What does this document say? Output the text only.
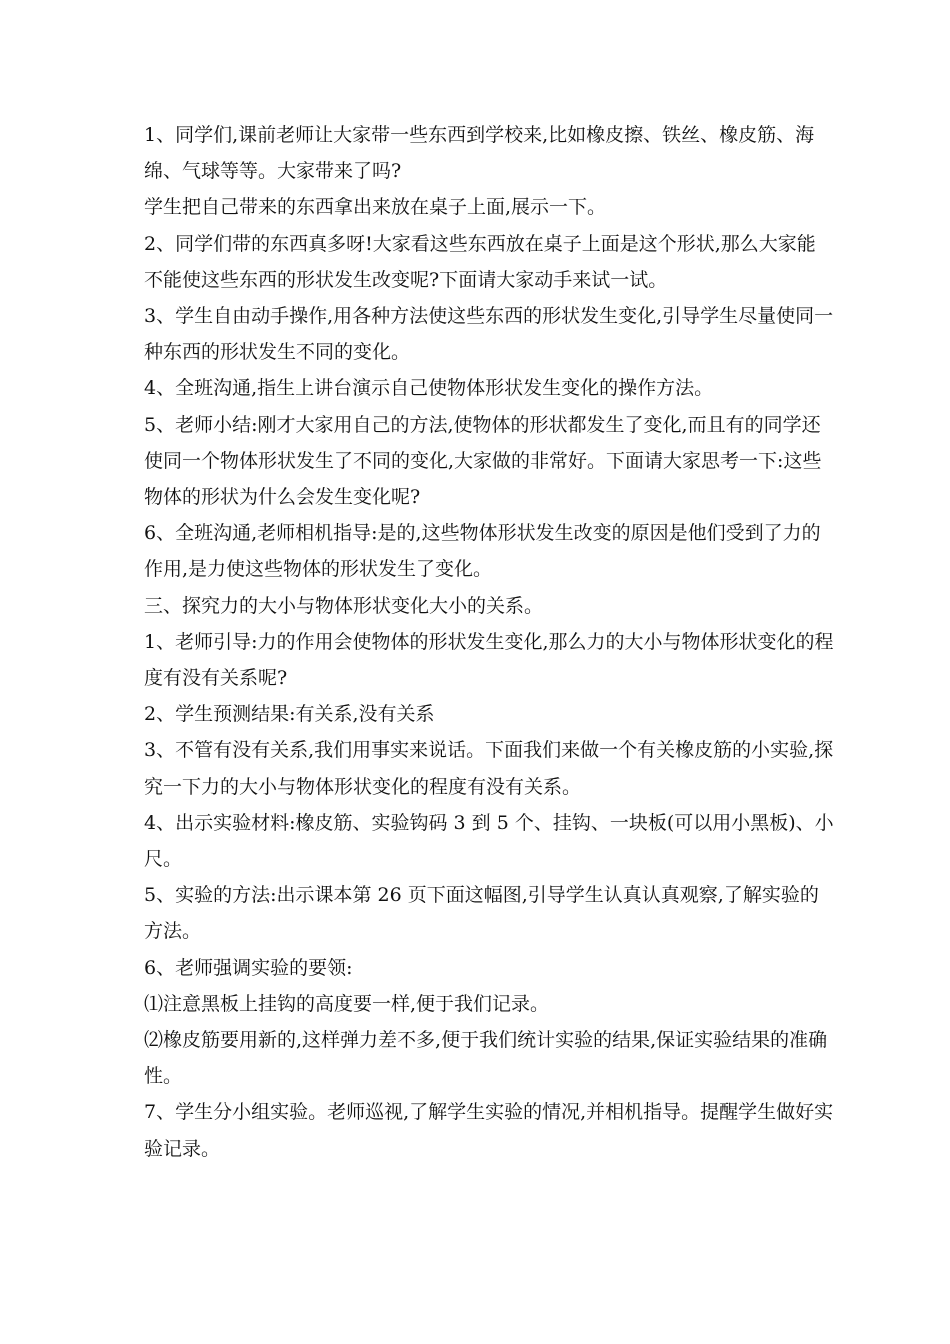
1、同学们,课前老师让大家带一些东西到学校来,比如橡皮擦、铁丝、橡皮筋、海绵、气球等等。大家带来了吗?

学生把自己带来的东西拿出来放在桌子上面,展示一下。

2、同学们带的东西真多呀!大家看这些东西放在桌子上面是这个形状,那么大家能不能使这些东西的形状发生改变呢?下面请大家动手来试一试。

3、学生自由动手操作,用各种方法使这些东西的形状发生变化,引导学生尽量使同一种东西的形状发生不同的变化。

4、全班沟通,指生上讲台演示自己使物体形状发生变化的操作方法。

5、老师小结:刚才大家用自己的方法,使物体的形状都发生了变化,而且有的同学还使同一个物体形状发生了不同的变化,大家做的非常好。下面请大家思考一下:这些物体的形状为什么会发生变化呢?

6、全班沟通,老师相机指导:是的,这些物体形状发生改变的原因是他们受到了力的作用,是力使这些物体的形状发生了变化。

三、探究力的大小与物体形状变化大小的关系。

1、老师引导:力的作用会使物体的形状发生变化,那么力的大小与物体形状变化的程度有没有关系呢?

2、学生预测结果:有关系,没有关系

3、不管有没有关系,我们用事实来说话。下面我们来做一个有关橡皮筋的小实验,探究一下力的大小与物体形状变化的程度有没有关系。

4、出示实验材料:橡皮筋、实验钩码 3 到 5 个、挂钩、一块板(可以用小黑板)、小尺。

5、实验的方法:出示课本第 26 页下面这幅图,引导学生认真认真观察,了解实验的方法。

6、老师强调实验的要领:

⑴注意黑板上挂钩的高度要一样,便于我们记录。

⑵橡皮筋要用新的,这样弹力差不多,便于我们统计实验的结果,保证实验结果的准确性。

7、学生分小组实验。老师巡视,了解学生实验的情况,并相机指导。提醒学生做好实验记录。
